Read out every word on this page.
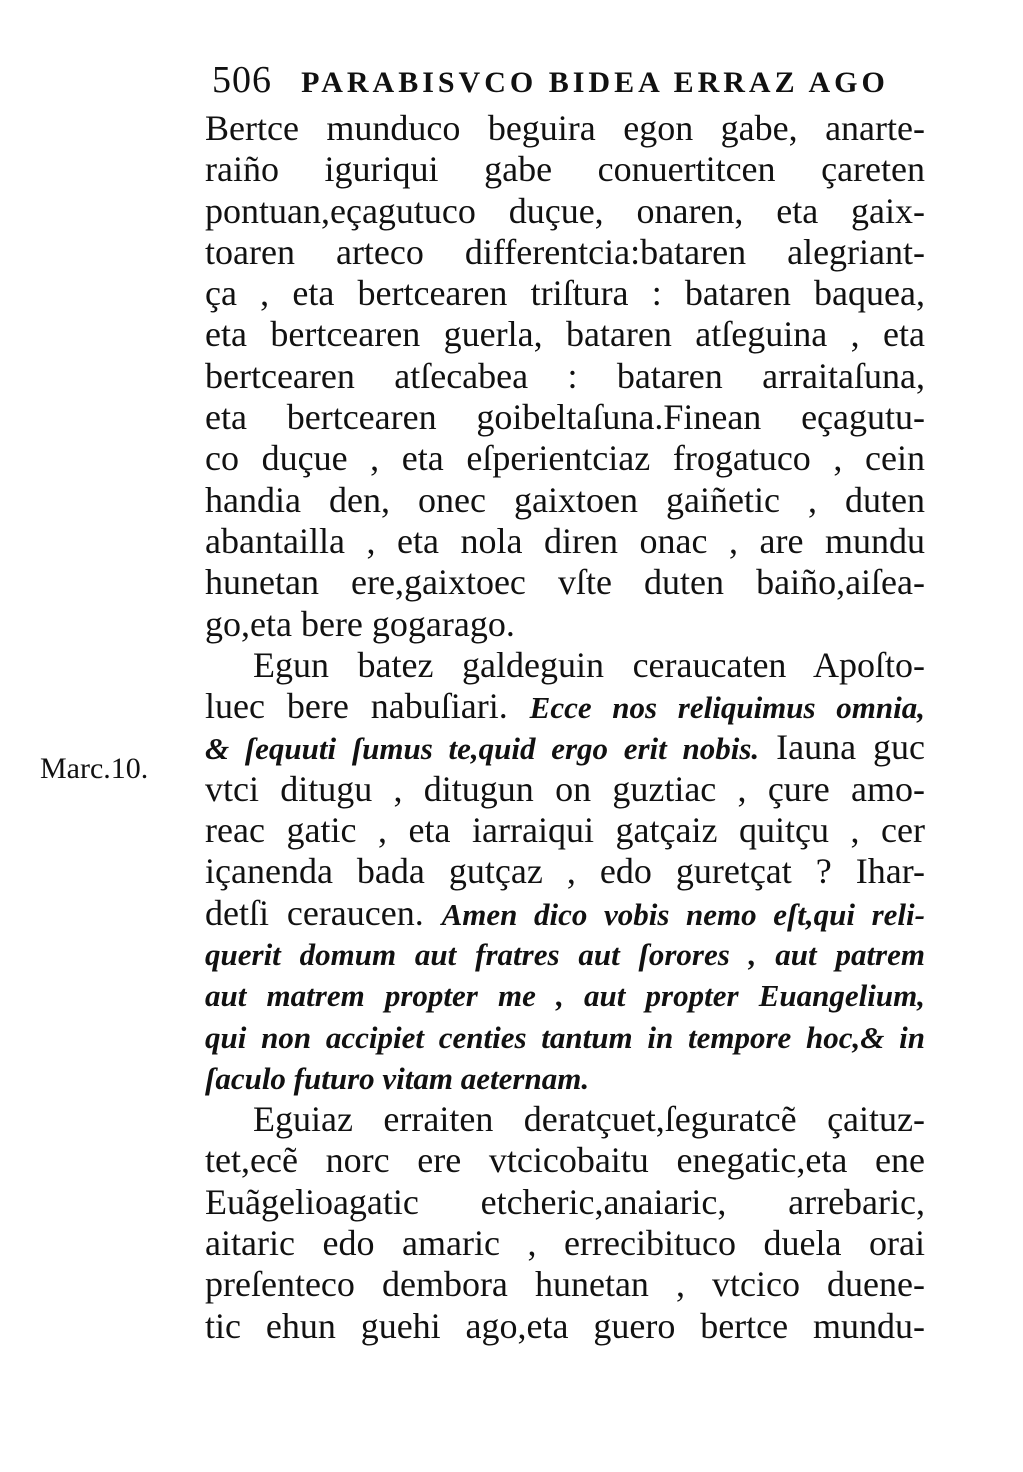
506 PARABISVCO BIDEA ERRAZ AGO
Marc.10.
Bertce munduco beguira egon gabe, anarte-
raiño iguriqui gabe conuertitcen çareten
pontuan,eçagutuco duçue, onaren, eta gaix-
toaren arteco differentcia:bataren alegriant-
ça , eta bertcearen triſtura : bataren baquea,
eta bertcearen guerla, bataren atſeguina , eta
bertcearen atſecabea : bataren arraitaſuna,
eta bertcearen goibeltaſuna.Finean eçagutu-
co duçue , eta eſperientciaz frogatuco , cein
handia den, onec gaixtoen gaiñetic , duten
abantailla , eta nola diren onac , are mundu
hunetan ere,gaixtoec vſte duten baiño,aiſea-
go,eta bere gogarago.
Egun batez galdeguin ceraucaten Apoſto-
luec bere nabuſiari. Ecce nos reliquimus omnia,
& ſequuti ſumus te,quid ergo erit nobis. Iauna guc
vtci ditugu , ditugun on guztiac , çure amo-
reac gatic , eta iarraiqui gatçaiz quitçu , cer
içanenda bada gutçaz , edo guretçat ? Ihar-
detſi ceraucen. Amen dico vobis nemo eſt,qui reli-
querit domum aut fratres aut ſorores , aut patrem
aut matrem propter me , aut propter Euangelium,
qui non accipiet centies tantum in tempore hoc,& in
ſaculo futuro vitam aeternam.
Eguiaz erraiten deratçuet,ſeguratcẽ çaituz-
tet,ecẽ norc ere vtcicobaitu enegatic,eta ene
Euãgelioagatic etcheric,anaiaric, arrebaric,
aitaric edo amaric , errecibituco duela orai
preſenteco dembora hunetan , vtcico duene-
tic ehun guehi ago,eta guero bertce mundu-
